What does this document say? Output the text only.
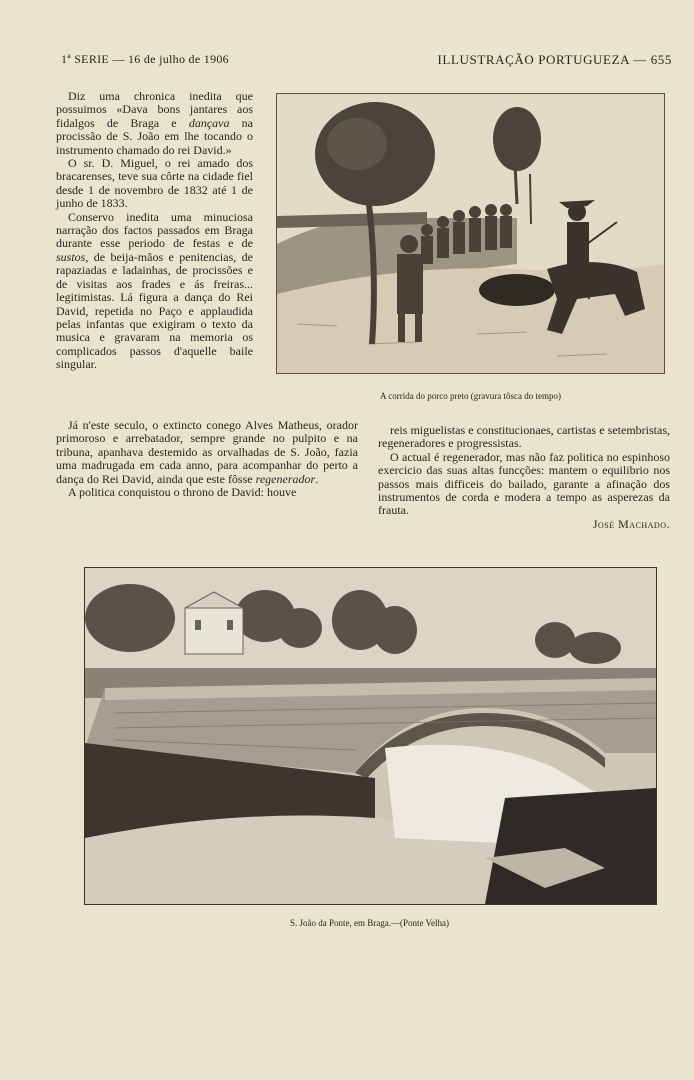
1ª SERIE — 16 de julho de 1906	ILLUSTRAÇÃO PORTUGUEZA — 655

Diz uma chronica inedita que possuimos «Dava bons jantares aos fidalgos de Braga e dançava na procissão de S. João em lhe tocando o instrumento chamado do rei David.»

O sr. D. Miguel, o rei amado dos bracarenses, teve sua côrte na cidade fiel desde 1 de novembro de 1832 até 1 de junho de 1833.

Conservo inedita uma minuciosa narração dos factos passados em Braga durante esse periodo de festas e de sustos, de beija-mãos e penitencias, de rapaziadas e ladainhas, de procissões e de visitas aos frades e ás freiras... legitimistas. Lá figura a dança do Rei David, repetida no Paço e applaudida pelas infantas que exigiram o texto da musica e gravaram na memoria os complicados passos d'aquelle baile singular.

A corrida do porco preto (gravura tôsca do tempo)

Já n'este seculo, o extincto conego Alves Matheus, orador primoroso e arrebatador, sempre grande no pulpito e na tribuna, apanhava destemido as orvalhadas de S. João, fazia uma madrugada em cada anno, para acompanhar do perto a dança do Rei David, ainda que este fôsse regenerador.

A politica conquistou o throno de David: houve

reis miguelistas e constitucionaes, cartistas e setembristas, regeneradores e progressistas.

O actual é regenerador, mas não faz politica no espinhoso exercicio das suas altas funcções: mantem o equilibrio nos passos mais difficeis do bailado, garante a afinação dos instrumentos de corda e modera a tempo as asperezas da frauta.

José Machado.

S. João da Ponte, em Braga.—(Ponte Velha)
